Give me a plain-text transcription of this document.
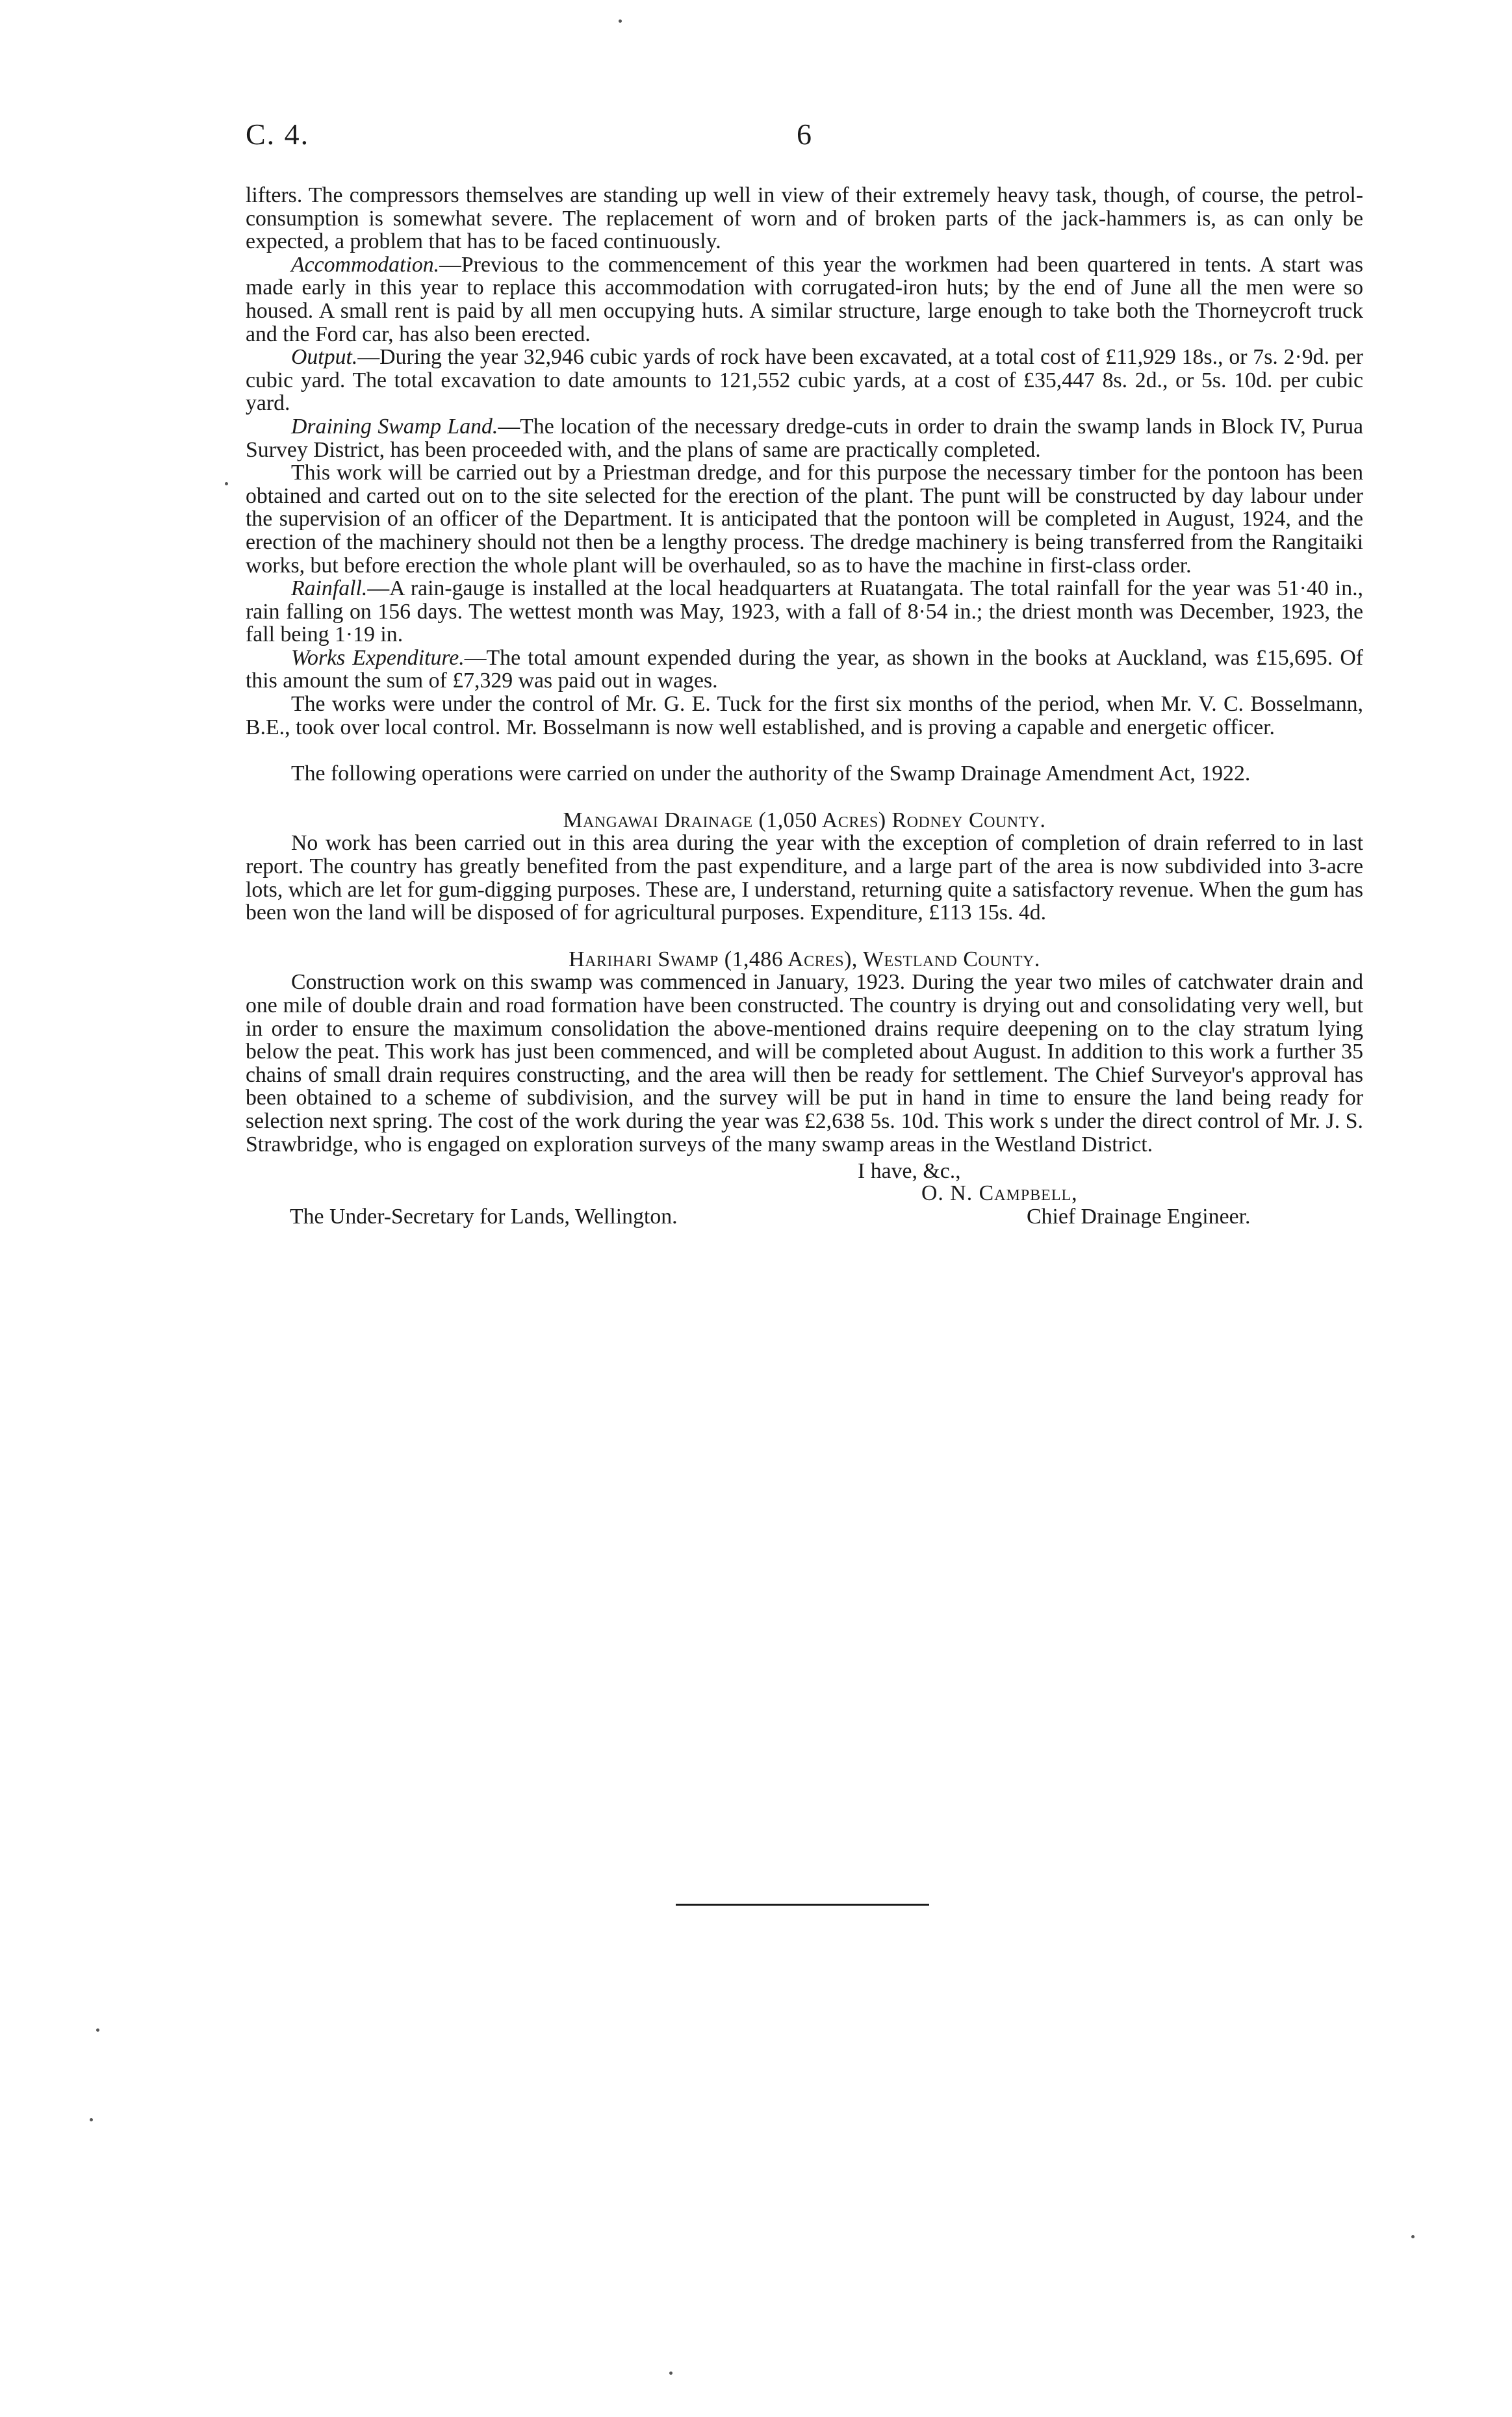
C. 4.	6

lifters. The compressors themselves are standing up well in view of their extremely heavy task, though, of course, the petrol-consumption is somewhat severe. The replacement of worn and of broken parts of the jack-hammers is, as can only be expected, a problem that has to be faced continuously.

Accommodation.—Previous to the commencement of this year the workmen had been quartered in tents. A start was made early in this year to replace this accommodation with corrugated-iron huts; by the end of June all the men were so housed. A small rent is paid by all men occupying huts. A similar structure, large enough to take both the Thorneycroft truck and the Ford car, has also been erected.

Output.—During the year 32,946 cubic yards of rock have been excavated, at a total cost of £11,929 18s., or 7s. 2·9d. per cubic yard. The total excavation to date amounts to 121,552 cubic yards, at a cost of £35,447 8s. 2d., or 5s. 10d. per cubic yard.

Draining Swamp Land.—The location of the necessary dredge-cuts in order to drain the swamp lands in Block IV, Purua Survey District, has been proceeded with, and the plans of same are practically completed.

This work will be carried out by a Priestman dredge, and for this purpose the necessary timber for the pontoon has been obtained and carted out on to the site selected for the erection of the plant. The punt will be constructed by day labour under the supervision of an officer of the Department. It is anticipated that the pontoon will be completed in August, 1924, and the erection of the machinery should not then be a lengthy process. The dredge machinery is being transferred from the Rangitaiki works, but before erection the whole plant will be overhauled, so as to have the machine in first-class order.

Rainfall.—A rain-gauge is installed at the local headquarters at Ruatangata. The total rainfall for the year was 51·40 in., rain falling on 156 days. The wettest month was May, 1923, with a fall of 8·54 in.; the driest month was December, 1923, the fall being 1·19 in.

Works Expenditure.—The total amount expended during the year, as shown in the books at Auckland, was £15,695. Of this amount the sum of £7,329 was paid out in wages.

The works were under the control of Mr. G. E. Tuck for the first six months of the period, when Mr. V. C. Bosselmann, B.E., took over local control. Mr. Bosselmann is now well established, and is proving a capable and energetic officer.

The following operations were carried on under the authority of the Swamp Drainage Amendment Act, 1922.

Mangawai Drainage (1,050 Acres) Rodney County.

No work has been carried out in this area during the year with the exception of completion of drain referred to in last report. The country has greatly benefited from the past expenditure, and a large part of the area is now subdivided into 3-acre lots, which are let for gum-digging purposes. These are, I understand, returning quite a satisfactory revenue. When the gum has been won the land will be disposed of for agricultural purposes. Expenditure, £113 15s. 4d.

Harihari Swamp (1,486 Acres), Westland County.

Construction work on this swamp was commenced in January, 1923. During the year two miles of catchwater drain and one mile of double drain and road formation have been constructed. The country is drying out and consolidating very well, but in order to ensure the maximum consolidation the above-mentioned drains require deepening on to the clay stratum lying below the peat. This work has just been commenced, and will be completed about August. In addition to this work a further 35 chains of small drain requires constructing, and the area will then be ready for settlement. The Chief Surveyor's approval has been obtained to a scheme of subdivision, and the survey will be put in hand in time to ensure the land being ready for selection next spring. The cost of the work during the year was £2,638 5s. 10d. This work s under the direct control of Mr. J. S. Strawbridge, who is engaged on exploration surveys of the many swamp areas in the Westland District.

I have, &c.,
O. N. Campbell,
The Under-Secretary for Lands, Wellington.	Chief Drainage Engineer.
